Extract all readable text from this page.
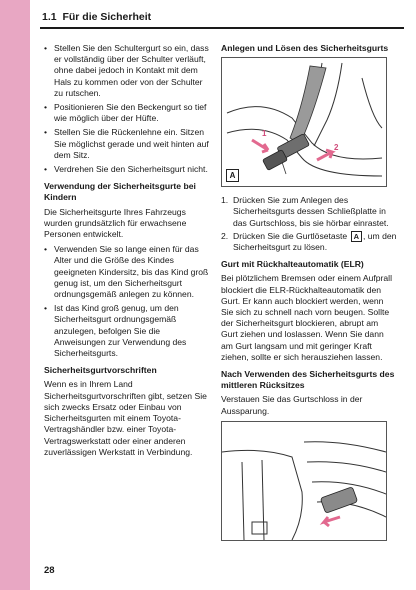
1.1 Für die Sicherheit
• Stellen Sie den Schultergurt so ein, dass er vollständig über der Schulter verläuft, ohne dabei jedoch in Kontakt mit dem Hals zu kommen oder von der Schulter zu rutschen.
• Positionieren Sie den Beckengurt so tief wie möglich über der Hüfte.
• Stellen Sie die Rückenlehne ein. Sitzen Sie möglichst gerade und weit hinten auf dem Sitz.
• Verdrehen Sie den Sicherheitsgurt nicht.
Verwendung der Sicherheitsgurte bei Kindern

Die Sicherheitsgurte Ihres Fahrzeugs wurden grundsätzlich für erwachsene Personen entwickelt.

• Verwenden Sie so lange einen für das Alter und die Größe des Kindes geeigneten Kindersitz, bis das Kind groß genug ist, um den Sicherheitsgurt ordnungsgemäß anlegen zu können.
• Ist das Kind groß genug, um den Sicherheitsgurt ordnungsgemäß anzulegen, befolgen Sie die Anweisungen zur Verwendung des Sicherheitsgurts.
Sicherheitsgurtvorschriften

Wenn es in Ihrem Land Sicherheitsgurtvorschriften gibt, setzen Sie sich zwecks Ersatz oder Einbau von Sicherheitsgurten mit einem Toyota-Vertragshändler bzw. einer Toyota-Vertragswerkstatt oder einer anderen zuverlässigen Werkstatt in Verbindung.

Anlegen und Lösen des Sicherheitsgurts
1
2
A
1. Drücken Sie zum Anlegen des Sicherheitsgurts dessen Schließplatte in das Gurtschloss, bis sie hörbar einrastet.
2. Drücken Sie die Gurtlösetaste A , um den Sicherheitsgurt zu lösen.
Gurt mit Rückhalteautomatik (ELR)

Bei plötzlichem Bremsen oder einem Aufprall blockiert die ELR-Rückhalteautomatik den Gurt. Er kann auch blockiert werden, wenn Sie sich zu schnell nach vorn beugen. Sollte der Sicherheitsgurt blockieren, abrupt am Gurt ziehen und loslassen. Wenn Sie dann am Gurt langsam und mit geringer Kraft ziehen, sollte er sich herausziehen lassen.

Nach Verwenden des Sicherheitsgurts des mittleren Rücksitzes

Verstauen Sie das Gurtschloss in der Aussparung.

28
